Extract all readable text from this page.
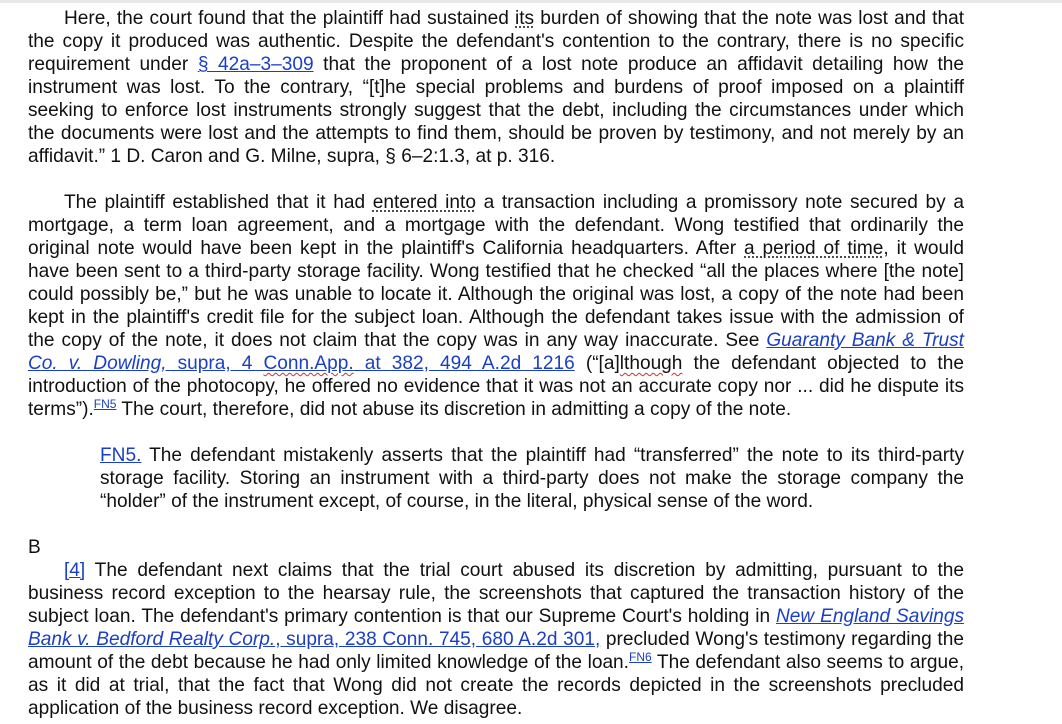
Here, the court found that the plaintiff had sustained its burden of showing that the note was lost and that the copy it produced was authentic. Despite the defendant's contention to the contrary, there is no specific requirement under § 42a–3–309 that the proponent of a lost note produce an affidavit detailing how the instrument was lost. To the contrary, “[t]he special problems and burdens of proof imposed on a plaintiff seeking to enforce lost instruments strongly suggest that the debt, including the circumstances under which the documents were lost and the attempts to find them, should be proven by testimony, and not merely by an affidavit.” 1 D. Caron and G. Milne, supra, § 6–2:1.3, at p. 316.

The plaintiff established that it had entered into a transaction including a promissory note secured by a mortgage, a term loan agreement, and a mortgage with the defendant. Wong testified that ordinarily the original note would have been kept in the plaintiff's California headquarters. After a period of time, it would have been sent to a third-party storage facility. Wong testified that he checked “all the places where [the note] could possibly be,” but he was unable to locate it. Although the original was lost, a copy of the note had been kept in the plaintiff's credit file for the subject loan. Although the defendant takes issue with the admission of the copy of the note, it does not claim that the copy was in any way inaccurate. See Guaranty Bank & Trust Co. v. Dowling, supra, 4 Conn.App. at 382, 494 A.2d 1216 (“[a]lthough the defendant objected to the introduction of the photocopy, he offered no evidence that it was not an accurate copy nor ... did he dispute its terms”).$^{FN5}$ The court, therefore, did not abuse its discretion in admitting a copy of the note.

FN5. The defendant mistakenly asserts that the plaintiff had “transferred” the note to its third-party storage facility. Storing an instrument with a third-party does not make the storage company the “holder” of the instrument except, of course, in the literal, physical sense of the word.

B

[4] The defendant next claims that the trial court abused its discretion by admitting, pursuant to the business record exception to the hearsay rule, the screenshots that captured the transaction history of the subject loan. The defendant's primary contention is that our Supreme Court's holding in New England Savings Bank v. Bedford Realty Corp., supra, 238 Conn. 745, 680 A.2d 301, precluded Wong's testimony regarding the amount of the debt because he had only limited knowledge of the loan.$^{FN6}$ The defendant also seems to argue, as it did at trial, that the fact that Wong did not create the records depicted in the screenshots precluded application of the business record exception. We disagree.
